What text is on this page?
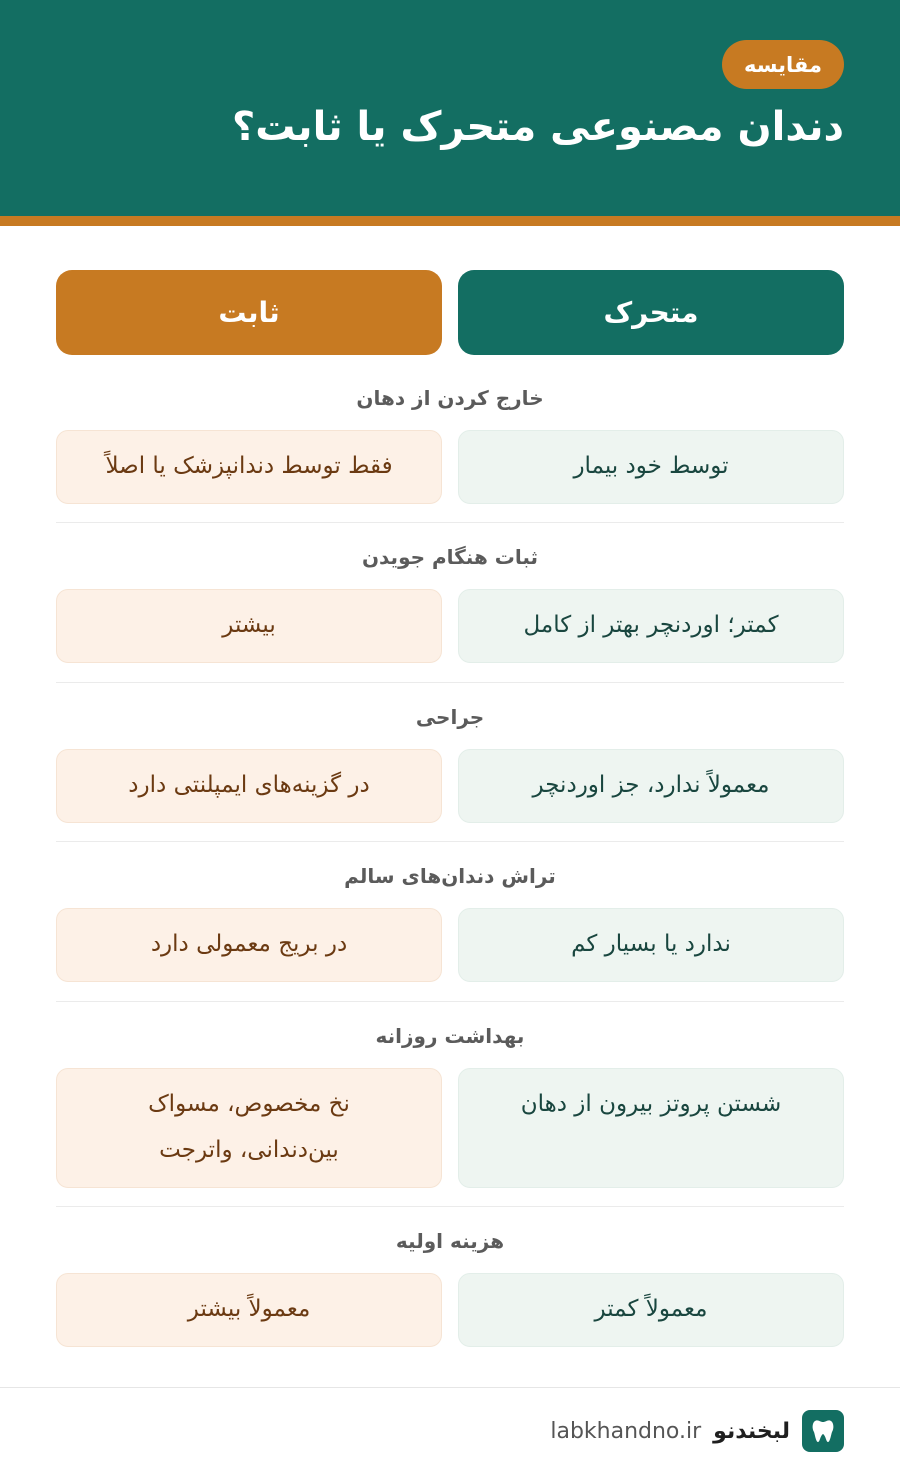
مقایسه
دندان مصنوعی متحرک یا ثابت؟
متحرک
ثابت
خارج کردن از دهان
توسط خود بیمار
فقط توسط دندانپزشک یا اصلاً
ثبات هنگام جویدن
کمتر؛ اوردنچر بهتر از کامل
بیشتر
جراحی
معمولاً ندارد، جز اوردنچر
در گزینه‌های ایمپلنتی دارد
تراش دندان‌های سالم
ندارد یا بسیار کم
در بریج معمولی دارد
بهداشت روزانه
شستن پروتز بیرون از دهان
نخ مخصوص، مسواک بین‌دندانی، واترجت
هزینه اولیه
معمولاً کمتر
معمولاً بیشتر
لبخندنو
labkhandno.ir
